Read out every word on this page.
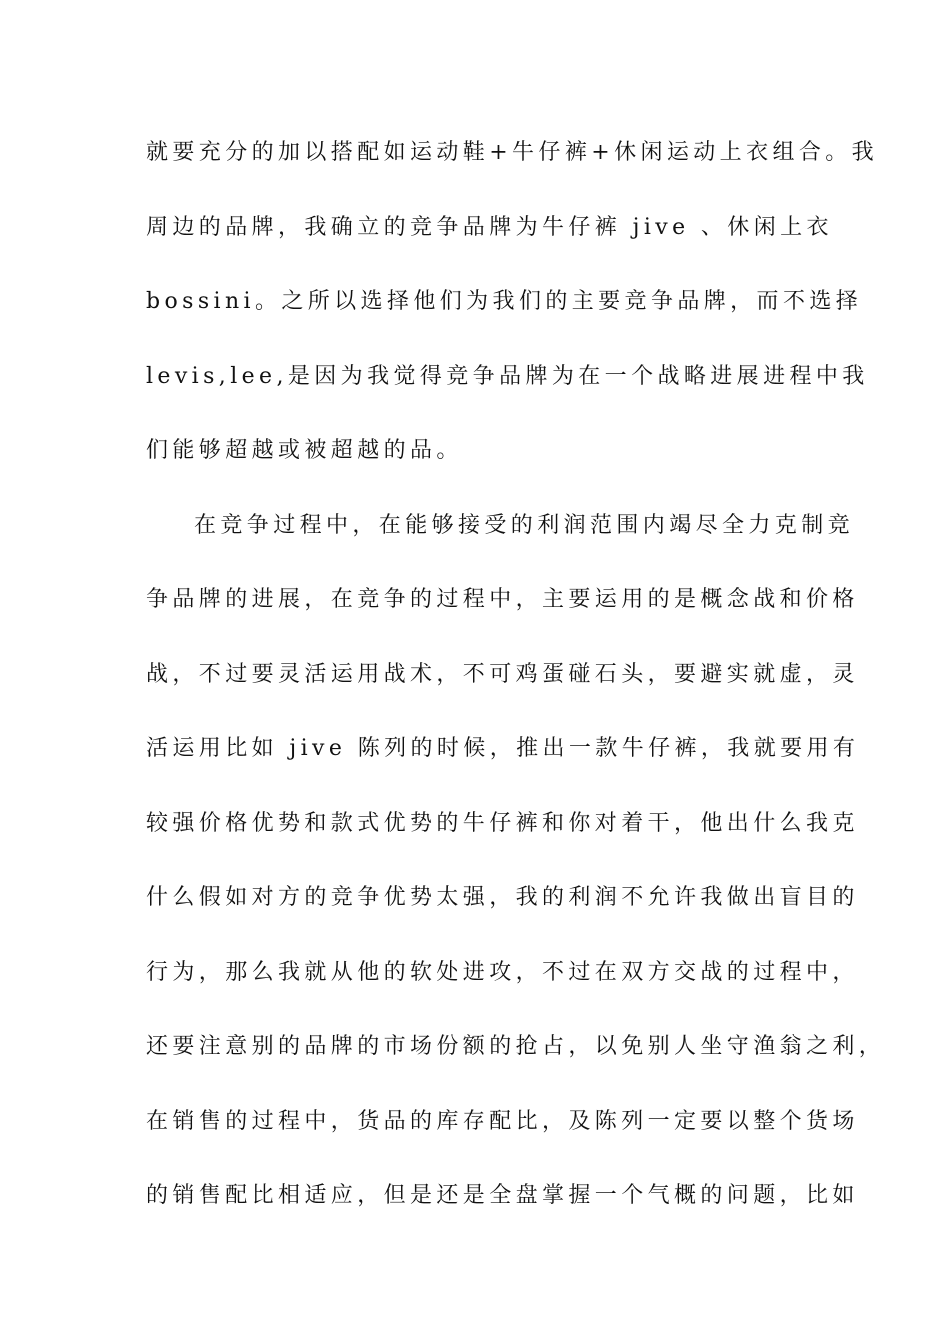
就要充分的加以搭配如运动鞋+牛仔裤+休闲运动上衣组合。我
周边的品牌，我确立的竞争品牌为牛仔裤 jive 、休闲上衣
bossini。之所以选择他们为我们的主要竞争品牌，而不选择
levis,lee,是因为我觉得竞争品牌为在一个战略进展进程中我
们能够超越或被超越的品。
在竞争过程中，在能够接受的利润范围内竭尽全力克制竞
争品牌的进展，在竞争的过程中，主要运用的是概念战和价格
战，不过要灵活运用战术，不可鸡蛋碰石头，要避实就虚，灵
活运用比如 jive 陈列的时候，推出一款牛仔裤，我就要用有
较强价格优势和款式优势的牛仔裤和你对着干，他出什么我克
什么假如对方的竞争优势太强，我的利润不允许我做出盲目的
行为，那么我就从他的软处进攻，不过在双方交战的过程中，
还要注意别的品牌的市场份额的抢占，以免别人坐守渔翁之利，
在销售的过程中，货品的库存配比，及陈列一定要以整个货场
的销售配比相适应，但是还是全盘掌握一个气概的问题，比如
